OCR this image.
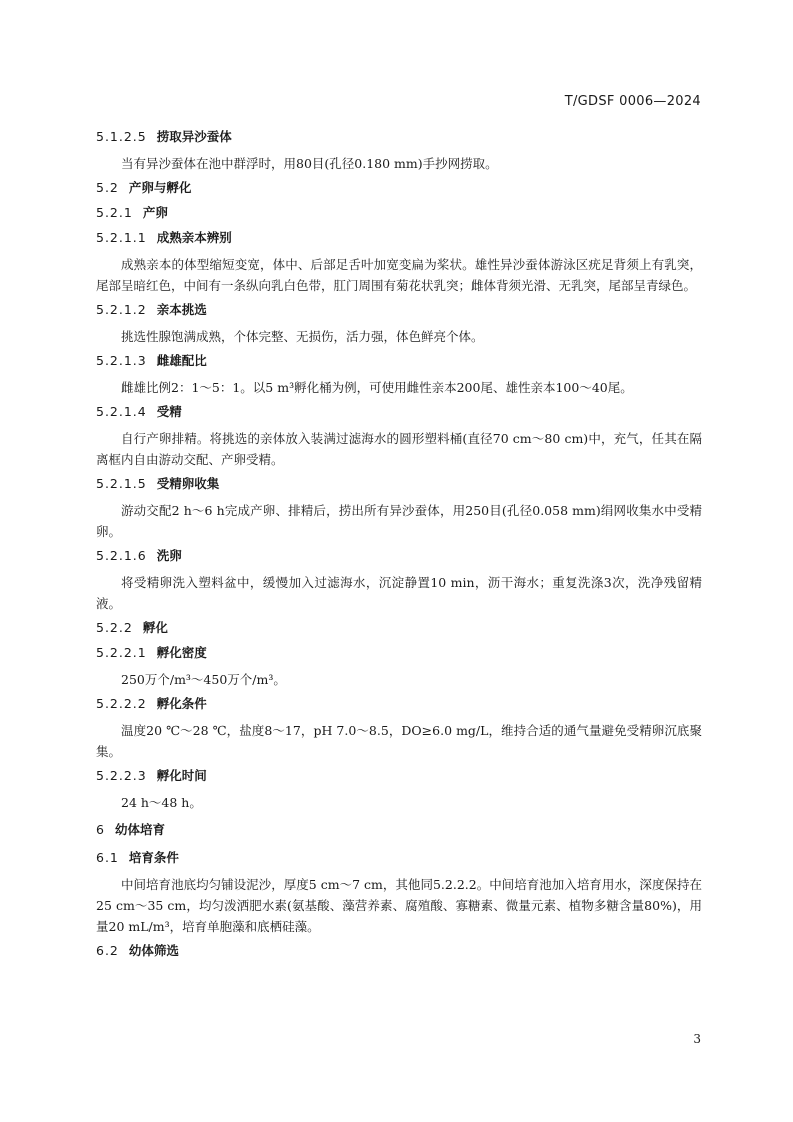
T/GDSF 0006—2024
5.1.2.5 捞取异沙蚕体

当有异沙蚕体在池中群浮时，用80目(孔径0.180 mm)手抄网捞取。

5.2 产卵与孵化
5.2.1 产卵
5.2.1.1 成熟亲本辨别

成熟亲本的体型缩短变宽，体中、后部足舌叶加宽变扁为桨状。雄性异沙蚕体游泳区疣足背须上有乳突，尾部呈暗红色，中间有一条纵向乳白色带，肛门周围有菊花状乳突；雌体背须光滑、无乳突，尾部呈青绿色。

5.2.1.2 亲本挑选

挑选性腺饱满成熟，个体完整、无损伤，活力强，体色鲜亮个体。

5.2.1.3 雌雄配比

雌雄比例2：1～5：1。以5 m³孵化桶为例，可使用雌性亲本200尾、雄性亲本100～40尾。

5.2.1.4 受精

自行产卵排精。将挑选的亲体放入装满过滤海水的圆形塑料桶(直径70 cm～80 cm)中，充气，任其在隔离框内自由游动交配、产卵受精。

5.2.1.5 受精卵收集

游动交配2 h～6 h完成产卵、排精后，捞出所有异沙蚕体，用250目(孔径0.058 mm)绢网收集水中受精卵。

5.2.1.6 洗卵

将受精卵洗入塑料盆中，缓慢加入过滤海水，沉淀静置10 min，沥干海水；重复洗涤3次，洗净残留精液。

5.2.2 孵化
5.2.2.1 孵化密度

250万个/m³～450万个/m³。

5.2.2.2 孵化条件

温度20 ℃～28 ℃，盐度8～17，pH 7.0～8.5，DO≥6.0 mg/L，维持合适的通气量避免受精卵沉底聚集。

5.2.2.3 孵化时间

24 h～48 h。

6 幼体培育
6.1 培育条件

中间培育池底均匀铺设泥沙，厚度5 cm～7 cm，其他同5.2.2.2。中间培育池加入培育用水，深度保持在25 cm～35 cm，均匀泼洒肥水素(氨基酸、藻营养素、腐殖酸、寡糖素、微量元素、植物多糖含量80%)，用量20 mL/m³，培育单胞藻和底栖硅藻。

6.2 幼体筛选
3
